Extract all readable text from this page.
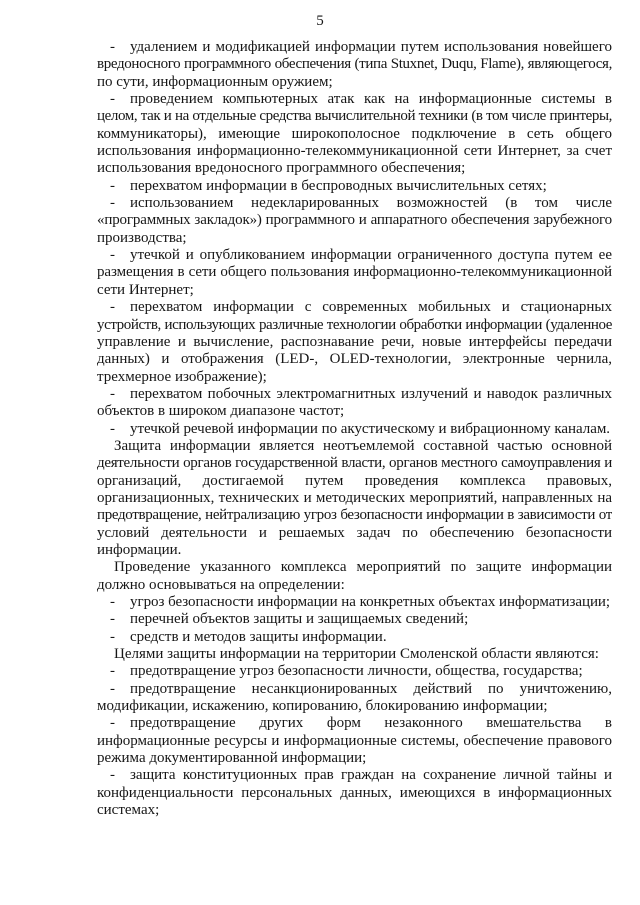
5
- удалением и модификацией информации путем использования новейшего
вредоносного программного обеспечения (типа Stuxnet, Duqu, Flame), являющегося,
по сути, информационным оружием;
- проведением компьютерных атак как на информационные системы в
целом, так и на отдельные средства вычислительной техники (в том числе принтеры,
коммуникаторы), имеющие широкополосное подключение в сеть общего
использования информационно-телекоммуникационной сети Интернет, за счет
использования вредоносного программного обеспечения;
- перехватом информации в беспроводных вычислительных сетях;
- использованием недекларированных возможностей (в том числе
«программных закладок») программного и аппаратного обеспечения зарубежного
производства;
- утечкой и опубликованием информации ограниченного доступа путем ее
размещения в сети общего пользования информационно-телекоммуникационной
сети Интернет;
- перехватом информации с современных мобильных и стационарных
устройств, использующих различные технологии обработки информации (удаленное
управление и вычисление, распознавание речи, новые интерфейсы передачи
данных) и отображения (LED-, OLED-технологии, электронные чернила,
трехмерное изображение);
- перехватом побочных электромагнитных излучений и наводок различных
объектов в широком диапазоне частот;
- утечкой речевой информации по акустическому и вибрационному каналам.
Защита информации является неотъемлемой составной частью основной
деятельности органов государственной власти, органов местного самоуправления и
организаций, достигаемой путем проведения комплекса правовых,
организационных, технических и методических мероприятий, направленных на
предотвращение, нейтрализацию угроз безопасности информации в зависимости от
условий деятельности и решаемых задач по обеспечению безопасности
информации.
Проведение указанного комплекса мероприятий по защите информации
должно основываться на определении:
- угроз безопасности информации на конкретных объектах информатизации;
- перечней объектов защиты и защищаемых сведений;
- средств и методов защиты информации.
Целями защиты информации на территории Смоленской области являются:
- предотвращение угроз безопасности личности, общества, государства;
- предотвращение несанкционированных действий по уничтожению,
модификации, искажению, копированию, блокированию информации;
- предотвращение других форм незаконного вмешательства в
информационные ресурсы и информационные системы, обеспечение правового
режима документированной информации;
- защита конституционных прав граждан на сохранение личной тайны и
конфиденциальности персональных данных, имеющихся в информационных
системах;
